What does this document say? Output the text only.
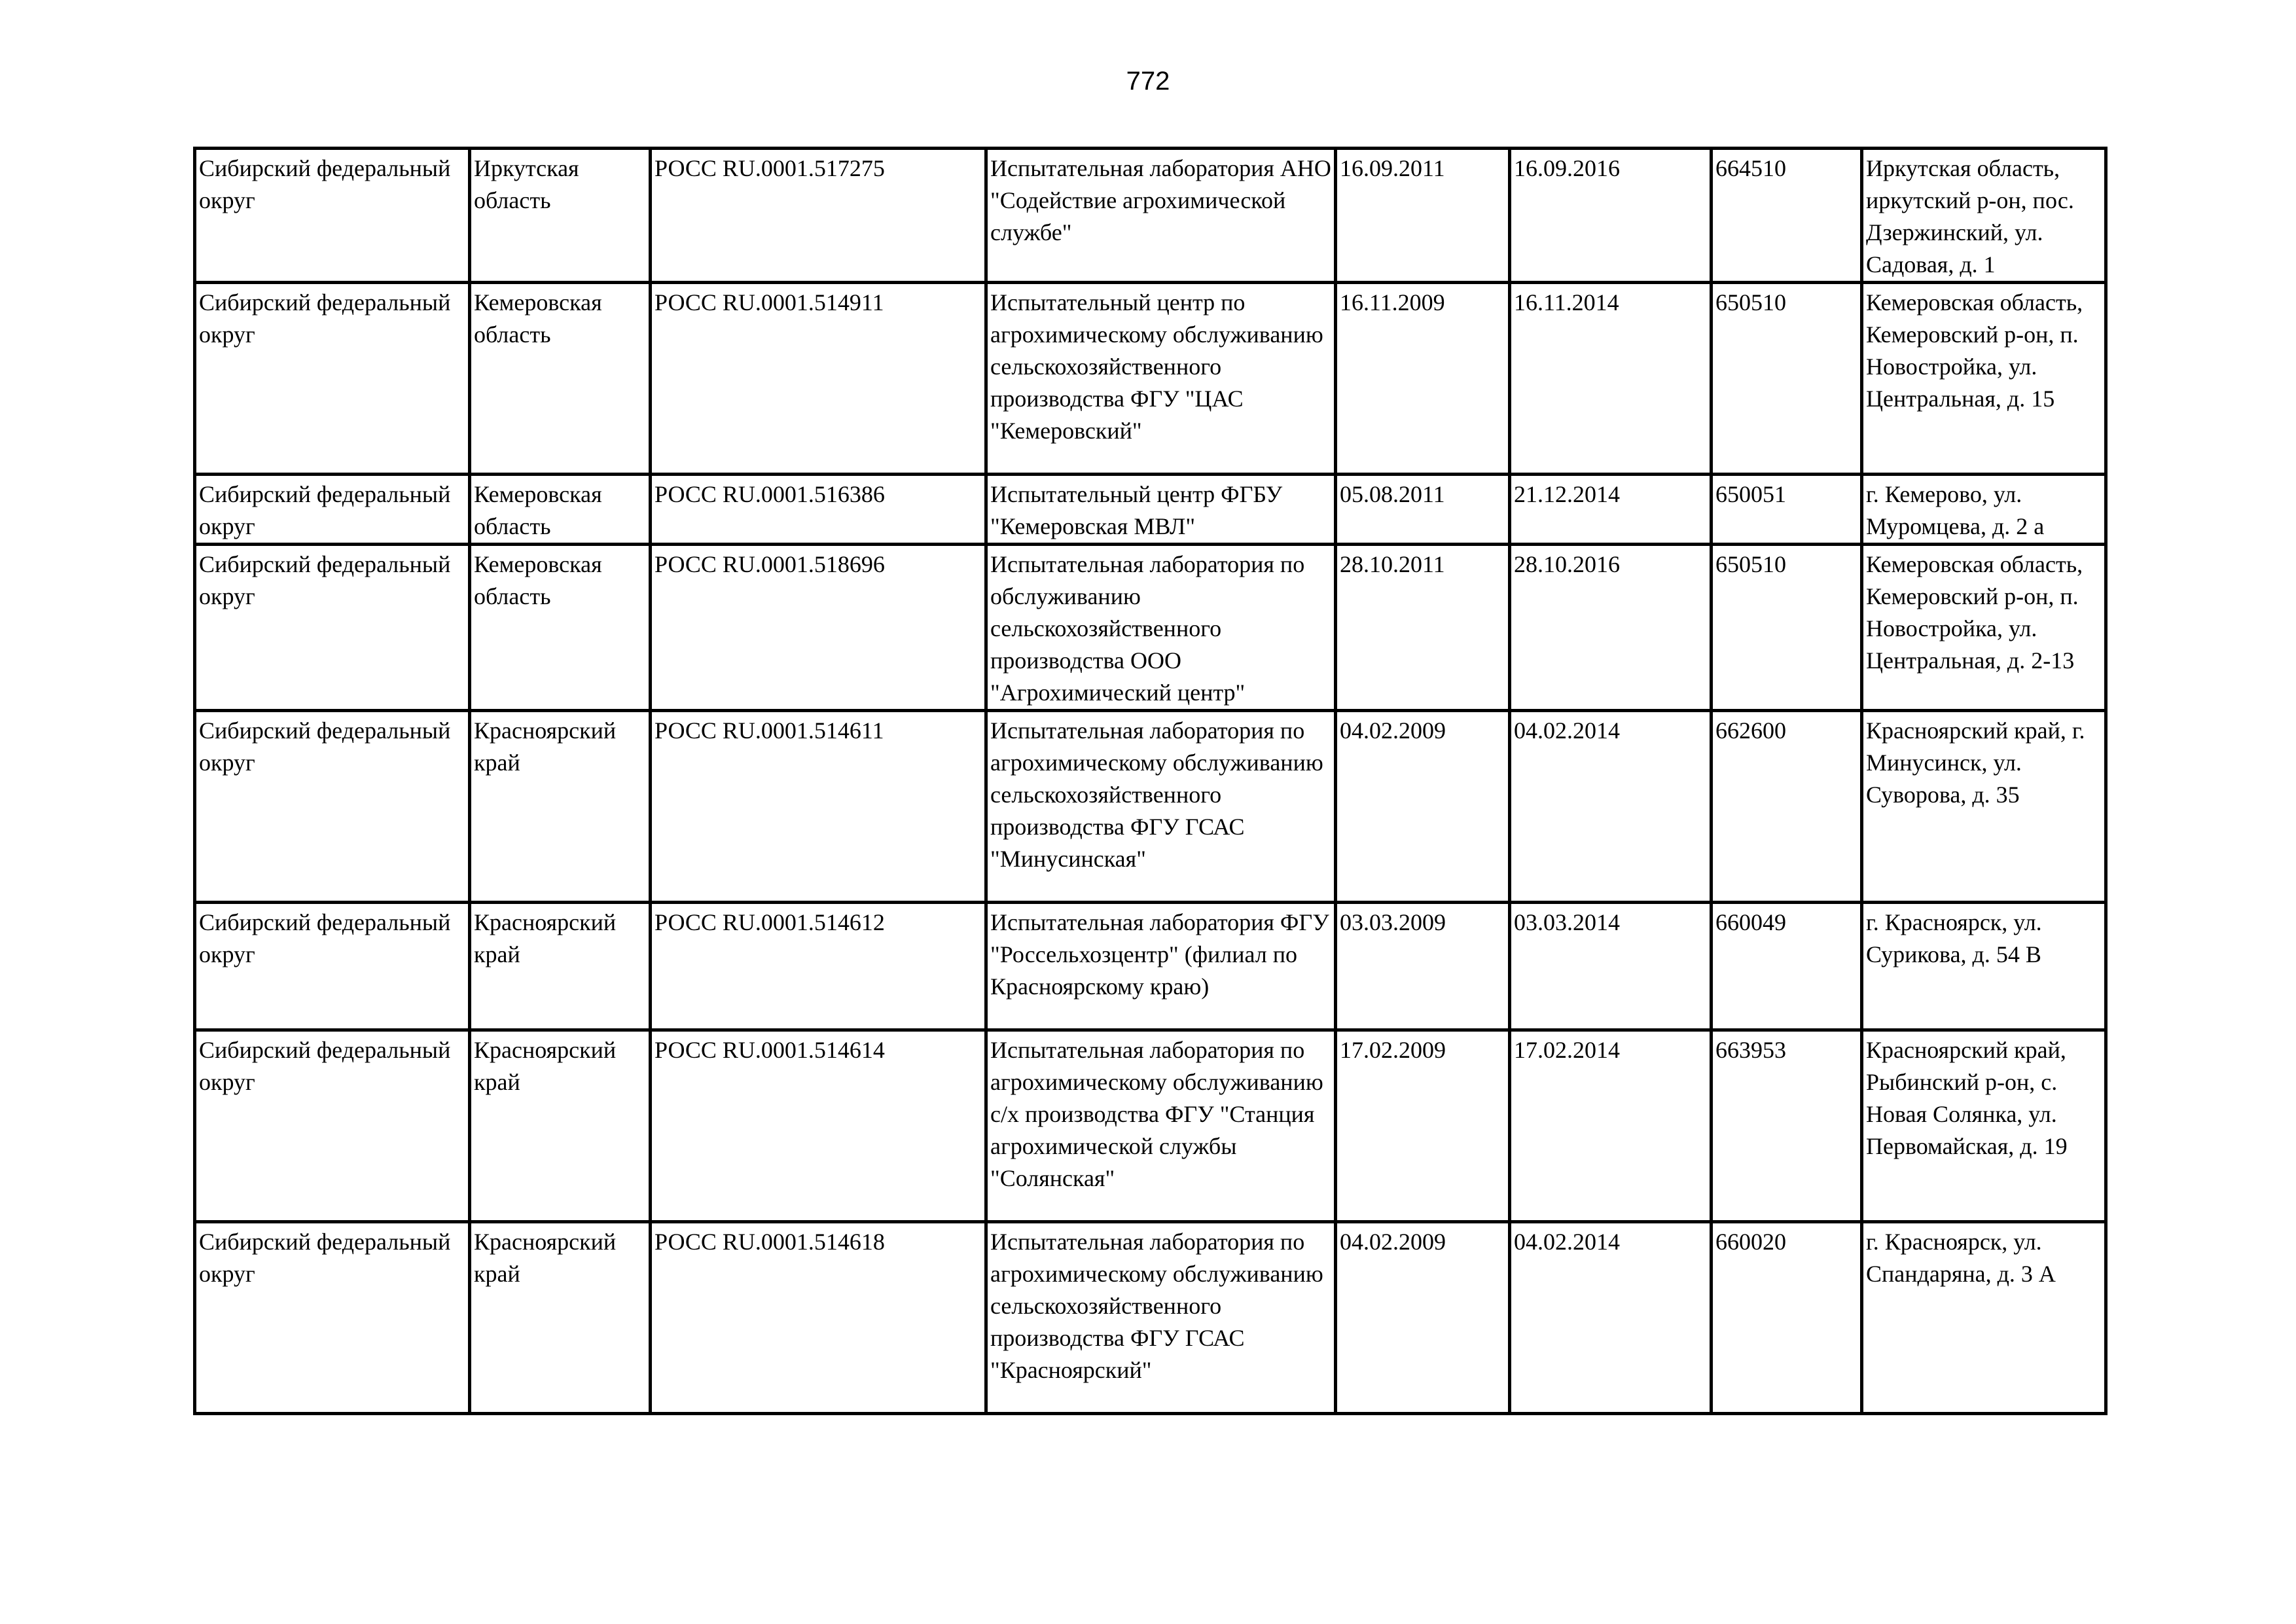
772
Сибирский федеральный округ	Иркутская область	РОСС RU.0001.517275	Испытательная лаборатория АНО "Содействие агрохимической службе"	16.09.2011	16.09.2016	664510	Иркутская область, иркутский р-он, пос. Дзержинский, ул. Садовая, д. 1
Сибирский федеральный округ	Кемеровская область	РОСС RU.0001.514911	Испытательный центр по агрохимическому обслуживанию сельскохозяйственного производства ФГУ "ЦАС "Кемеровский"	16.11.2009	16.11.2014	650510	Кемеровская область, Кемеровский р-он, п. Новостройка, ул. Центральная, д. 15
Сибирский федеральный округ	Кемеровская область	РОСС RU.0001.516386	Испытательный центр ФГБУ "Кемеровская МВЛ"	05.08.2011	21.12.2014	650051	г. Кемерово, ул. Муромцева, д. 2 а
Сибирский федеральный округ	Кемеровская область	РОСС RU.0001.518696	Испытательная лаборатория по обслуживанию сельскохозяйственного производства ООО "Агрохимический центр"	28.10.2011	28.10.2016	650510	Кемеровская область, Кемеровский р-он, п. Новостройка, ул. Центральная, д. 2-13
Сибирский федеральный округ	Красноярский край	РОСС RU.0001.514611	Испытательная лаборатория по агрохимическому обслуживанию сельскохозяйственного производства ФГУ ГСАС "Минусинская"	04.02.2009	04.02.2014	662600	Красноярский край, г. Минусинск, ул. Суворова, д. 35
Сибирский федеральный округ	Красноярский край	РОСС RU.0001.514612	Испытательная лаборатория ФГУ "Россельхозцентр" (филиал по Красноярскому краю)	03.03.2009	03.03.2014	660049	г. Красноярск, ул. Сурикова, д. 54 В
Сибирский федеральный округ	Красноярский край	РОСС RU.0001.514614	Испытательная лаборатория по агрохимическому обслуживанию с/х производства ФГУ "Станция агрохимической службы "Солянская"	17.02.2009	17.02.2014	663953	Красноярский край, Рыбинский р-он, с. Новая Солянка, ул. Первомайская, д. 19
Сибирский федеральный округ	Красноярский край	РОСС RU.0001.514618	Испытательная лаборатория по агрохимическому обслуживанию сельскохозяйственного производства ФГУ ГСАС "Красноярский"	04.02.2009	04.02.2014	660020	г. Красноярск, ул. Спандаряна, д. 3 А
